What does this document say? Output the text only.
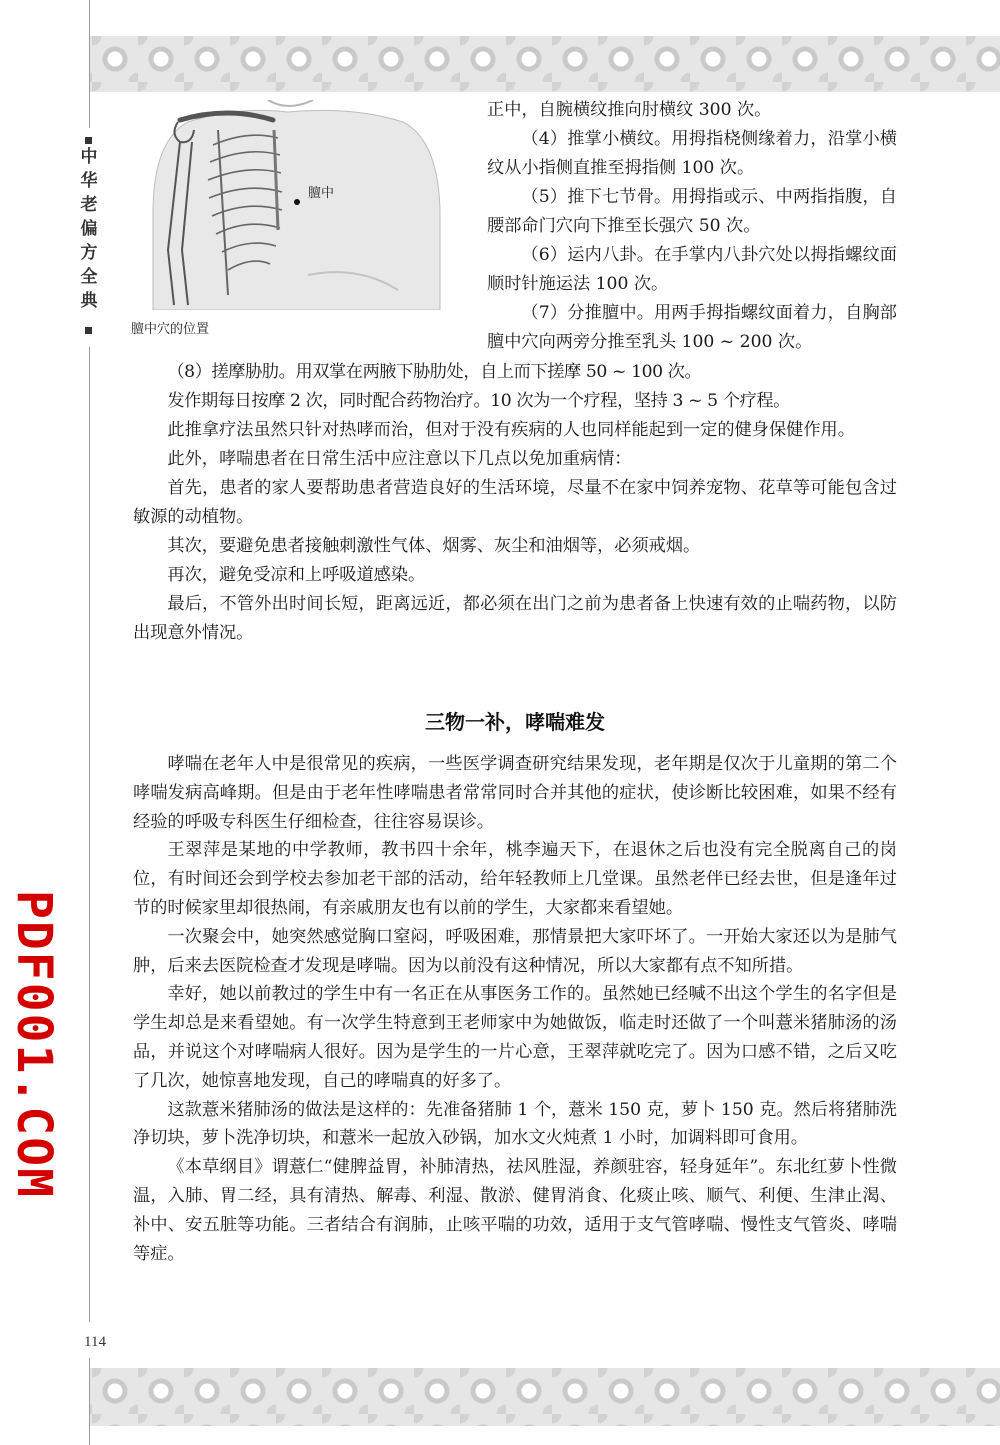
中华老偏方全典
114
PDF001.COM
膻中
膻中穴的位置

正中，自腕横纹推向肘横纹 300 次。

（4）推掌小横纹。用拇指桡侧缘着力，沿掌小横纹从小指侧直推至拇指侧 100 次。

（5）推下七节骨。用拇指或示、中两指指腹，自腰部命门穴向下推至长强穴 50 次。

（6）运内八卦。在手掌内八卦穴处以拇指螺纹面顺时针施运法 100 次。

（7）分推膻中。用两手拇指螺纹面着力，自胸部膻中穴向两旁分推至乳头 100 ~ 200 次。

（8）搓摩胁肋。用双掌在两腋下胁肋处，自上而下搓摩 50 ~ 100 次。

发作期每日按摩 2 次，同时配合药物治疗。10 次为一个疗程，坚持 3 ~ 5 个疗程。

此推拿疗法虽然只针对热哮而治，但对于没有疾病的人也同样能起到一定的健身保健作用。

此外，哮喘患者在日常生活中应注意以下几点以免加重病情：

首先，患者的家人要帮助患者营造良好的生活环境，尽量不在家中饲养宠物、花草等可能包含过敏源的动植物。

其次，要避免患者接触刺激性气体、烟雾、灰尘和油烟等，必须戒烟。

再次，避免受凉和上呼吸道感染。

最后，不管外出时间长短，距离远近，都必须在出门之前为患者备上快速有效的止喘药物，以防出现意外情况。

三物一补，哮喘难发

哮喘在老年人中是很常见的疾病，一些医学调查研究结果发现，老年期是仅次于儿童期的第二个哮喘发病高峰期。但是由于老年性哮喘患者常常同时合并其他的症状，使诊断比较困难，如果不经有经验的呼吸专科医生仔细检查，往往容易误诊。

王翠萍是某地的中学教师，教书四十余年，桃李遍天下，在退休之后也没有完全脱离自己的岗位，有时间还会到学校去参加老干部的活动，给年轻教师上几堂课。虽然老伴已经去世，但是逢年过节的时候家里却很热闹，有亲戚朋友也有以前的学生，大家都来看望她。

一次聚会中，她突然感觉胸口窒闷，呼吸困难，那情景把大家吓坏了。一开始大家还以为是肺气肿，后来去医院检查才发现是哮喘。因为以前没有这种情况，所以大家都有点不知所措。

幸好，她以前教过的学生中有一名正在从事医务工作的。虽然她已经喊不出这个学生的名字但是学生却总是来看望她。有一次学生特意到王老师家中为她做饭，临走时还做了一个叫薏米猪肺汤的汤品，并说这个对哮喘病人很好。因为是学生的一片心意，王翠萍就吃完了。因为口感不错，之后又吃了几次，她惊喜地发现，自己的哮喘真的好多了。

这款薏米猪肺汤的做法是这样的：先准备猪肺 1 个，薏米 150 克，萝卜 150 克。然后将猪肺洗净切块，萝卜洗净切块，和薏米一起放入砂锅，加水文火炖煮 1 小时，加调料即可食用。

《本草纲目》谓薏仁“健脾益胃，补肺清热，祛风胜湿，养颜驻容，轻身延年”。东北红萝卜性微温，入肺、胃二经，具有清热、解毒、利湿、散淤、健胃消食、化痰止咳、顺气、利便、生津止渴、补中、安五脏等功能。三者结合有润肺，止咳平喘的功效，适用于支气管哮喘、慢性支气管炎、哮喘等症。
